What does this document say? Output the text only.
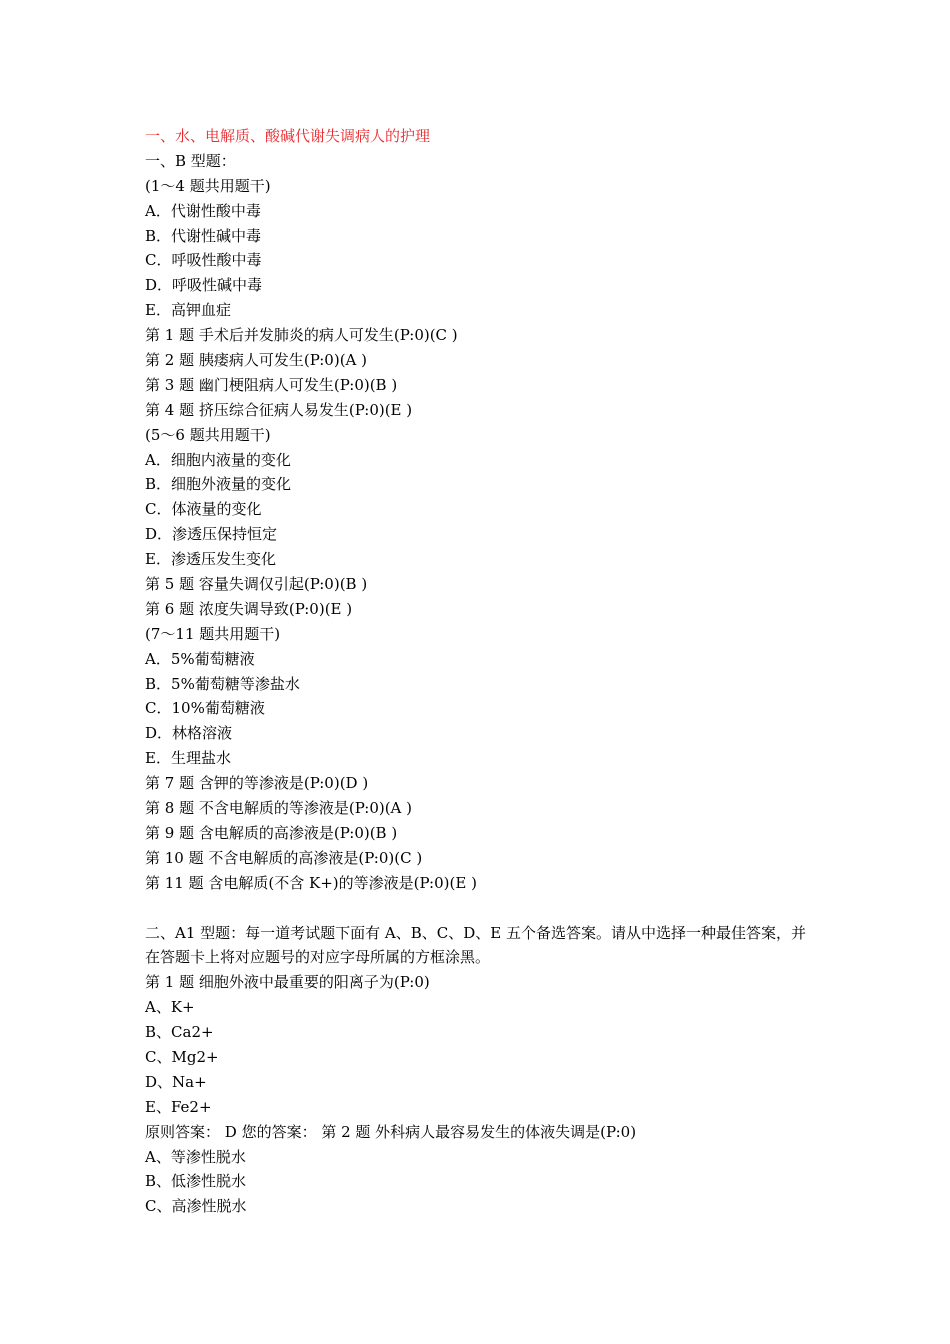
一、水、电解质、酸碱代谢失调病人的护理
一、B 型题：
(1～4 题共用题干)
A．代谢性酸中毒
B．代谢性碱中毒
C．呼吸性酸中毒
D．呼吸性碱中毒
E．高钾血症
第 1 题 手术后并发肺炎的病人可发生(P:0)(C )
第 2 题 胰瘘病人可发生(P:0)(A )
第 3 题 幽门梗阻病人可发生(P:0)(B )
第 4 题 挤压综合征病人易发生(P:0)(E )
(5～6 题共用题干)
A．细胞内液量的变化
B．细胞外液量的变化
C．体液量的变化
D．渗透压保持恒定
E．渗透压发生变化
第 5 题 容量失调仅引起(P:0)(B )
第 6 题 浓度失调导致(P:0)(E )
(7～11 题共用题干)
A．5%葡萄糖液
B．5%葡萄糖等渗盐水
C．10%葡萄糖液
D．林格溶液
E．生理盐水
第 7 题 含钾的等渗液是(P:0)(D )
第 8 题 不含电解质的等渗液是(P:0)(A )
第 9 题 含电解质的高渗液是(P:0)(B )
第 10 题 不含电解质的高渗液是(P:0)(C )
第 11 题 含电解质(不含 K+)的等渗液是(P:0)(E )
二、A1 型题：每一道考试题下面有 A、B、C、D、E 五个备选答案。请从中选择一种最佳答案，并在答题卡上将对应题号的对应字母所属的方框涂黑。
第 1 题 细胞外液中最重要的阳离子为(P:0)
A、K+
B、Ca2+
C、Mg2+
D、Na+
E、Fe2+
原则答案： D 您的答案： 第 2 题 外科病人最容易发生的体液失调是(P:0)
A、等渗性脱水
B、低渗性脱水
C、高渗性脱水
